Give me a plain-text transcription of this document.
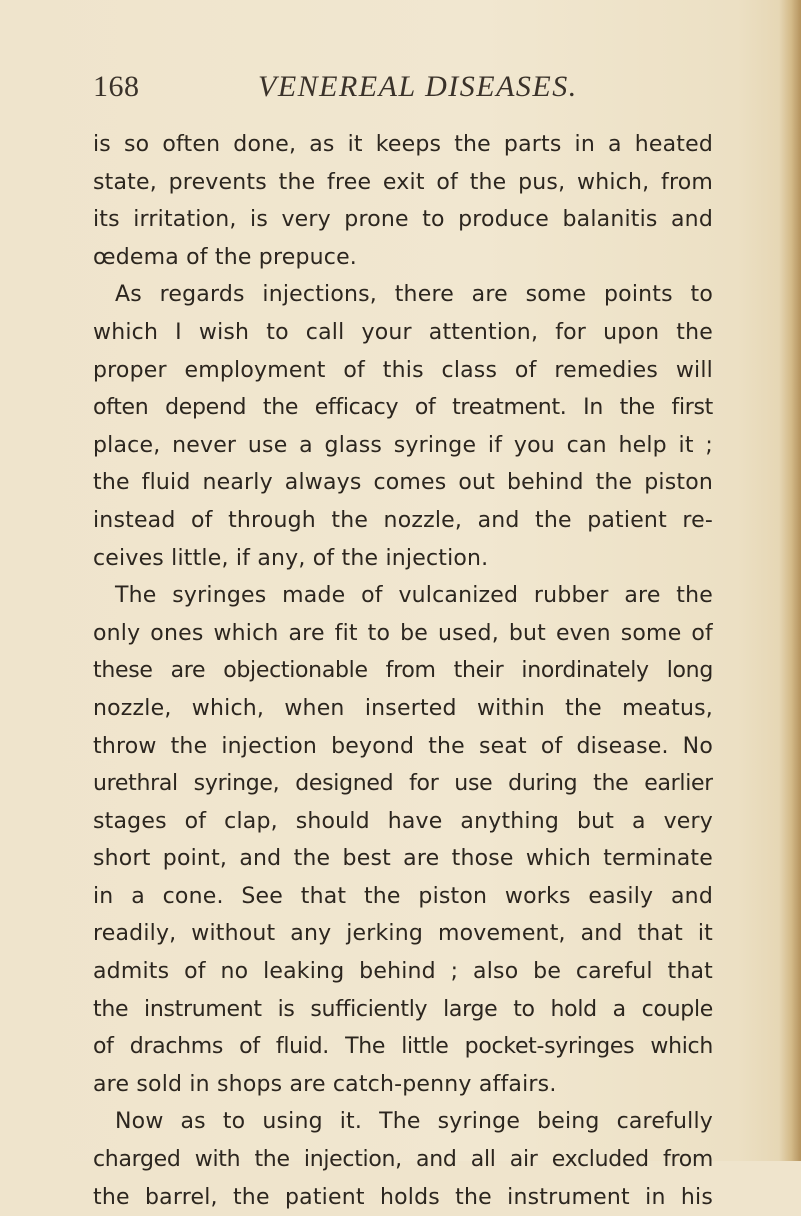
168	VENEREAL DISEASES.
is so often done, as it keeps the parts in a heated
state, prevents the free exit of the pus, which, from
its irritation, is very prone to produce balanitis and
œdema of the prepuce.
As regards injections, there are some points to
which I wish to call your attention, for upon the
proper employment of this class of remedies will
often depend the efficacy of treatment. In the first
place, never use a glass syringe if you can help it ;
the fluid nearly always comes out behind the piston
instead of through the nozzle, and the patient re-
ceives little, if any, of the injection.
The syringes made of vulcanized rubber are the
only ones which are fit to be used, but even some of
these are objectionable from their inordinately long
nozzle, which, when inserted within the meatus,
throw the injection beyond the seat of disease. No
urethral syringe, designed for use during the earlier
stages of clap, should have anything but a very
short point, and the best are those which terminate
in a cone. See that the piston works easily and
readily, without any jerking movement, and that it
admits of no leaking behind ; also be careful that
the instrument is sufficiently large to hold a couple
of drachms of fluid. The little pocket-syringes which
are sold in shops are catch-penny affairs.
Now as to using it. The syringe being carefully
charged with the injection, and all air excluded from
the barrel, the patient holds the instrument in his
